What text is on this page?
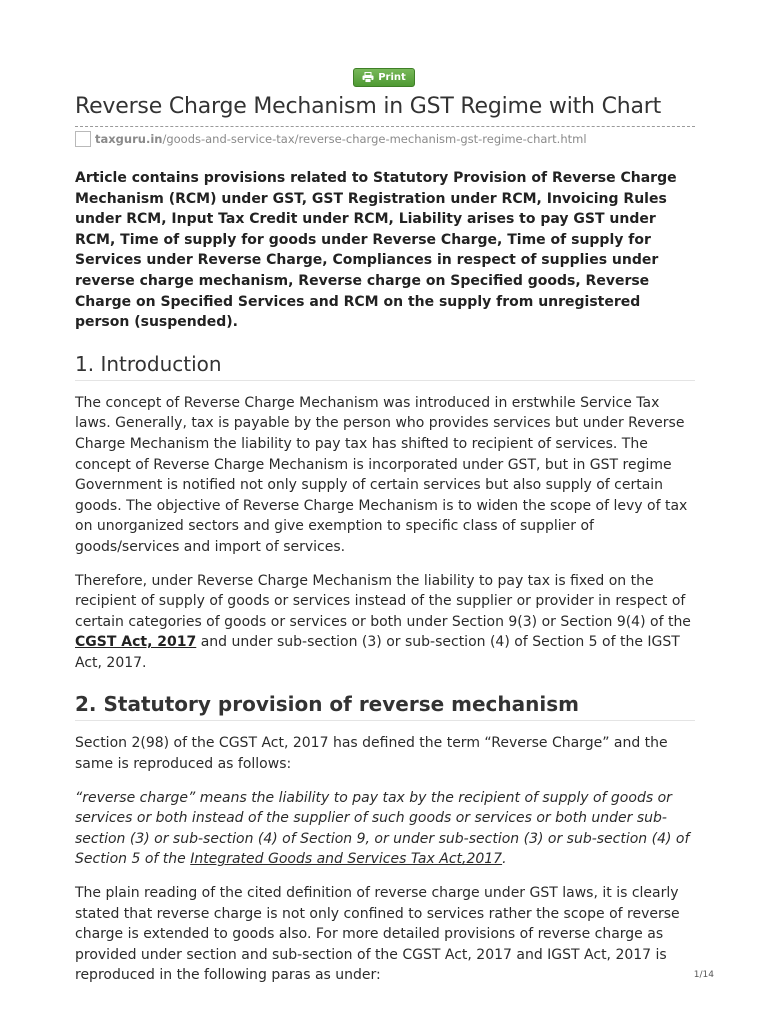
Print
Reverse Charge Mechanism in GST Regime with Chart
taxguru.in /goods-and-service-tax/reverse-charge-mechanism-gst-regime-chart.html

Article contains provisions related to Statutory Provision of Reverse Charge Mechanism (RCM) under GST, GST Registration under RCM, Invoicing Rules under RCM, Input Tax Credit under RCM, Liability arises to pay GST under RCM, Time of supply for goods under Reverse Charge, Time of supply for Services under Reverse Charge, Compliances in respect of supplies under reverse charge mechanism, Reverse charge on Specified goods, Reverse Charge on Specified Services and RCM on the supply from unregistered person (suspended).

1. Introduction

The concept of Reverse Charge Mechanism was introduced in erstwhile Service Tax laws. Generally, tax is payable by the person who provides services but under Reverse Charge Mechanism the liability to pay tax has shifted to recipient of services. The concept of Reverse Charge Mechanism is incorporated under GST, but in GST regime Government is notified not only supply of certain services but also supply of certain goods. The objective of Reverse Charge Mechanism is to widen the scope of levy of tax on unorganized sectors and give exemption to specific class of supplier of goods/services and import of services.

Therefore, under Reverse Charge Mechanism the liability to pay tax is fixed on the recipient of supply of goods or services instead of the supplier or provider in respect of certain categories of goods or services or both under Section 9(3) or Section 9(4) of the CGST Act, 2017 and under sub-section (3) or sub-section (4) of Section 5 of the IGST Act, 2017.

2. Statutory provision of reverse mechanism

Section 2(98) of the CGST Act, 2017 has defined the term “Reverse Charge” and the same is reproduced as follows:

“reverse charge” means the liability to pay tax by the recipient of supply of goods or services or both instead of the supplier of such goods or services or both under sub-section (3) or sub-section (4) of Section 9, or under sub-section (3) or sub-section (4) of Section 5 of the Integrated Goods and Services Tax Act,2017.

The plain reading of the cited definition of reverse charge under GST laws, it is clearly stated that reverse charge is not only confined to services rather the scope of reverse charge is extended to goods also. For more detailed provisions of reverse charge as provided under section and sub-section of the CGST Act, 2017 and IGST Act, 2017 is reproduced in the following paras as under:	1/14
